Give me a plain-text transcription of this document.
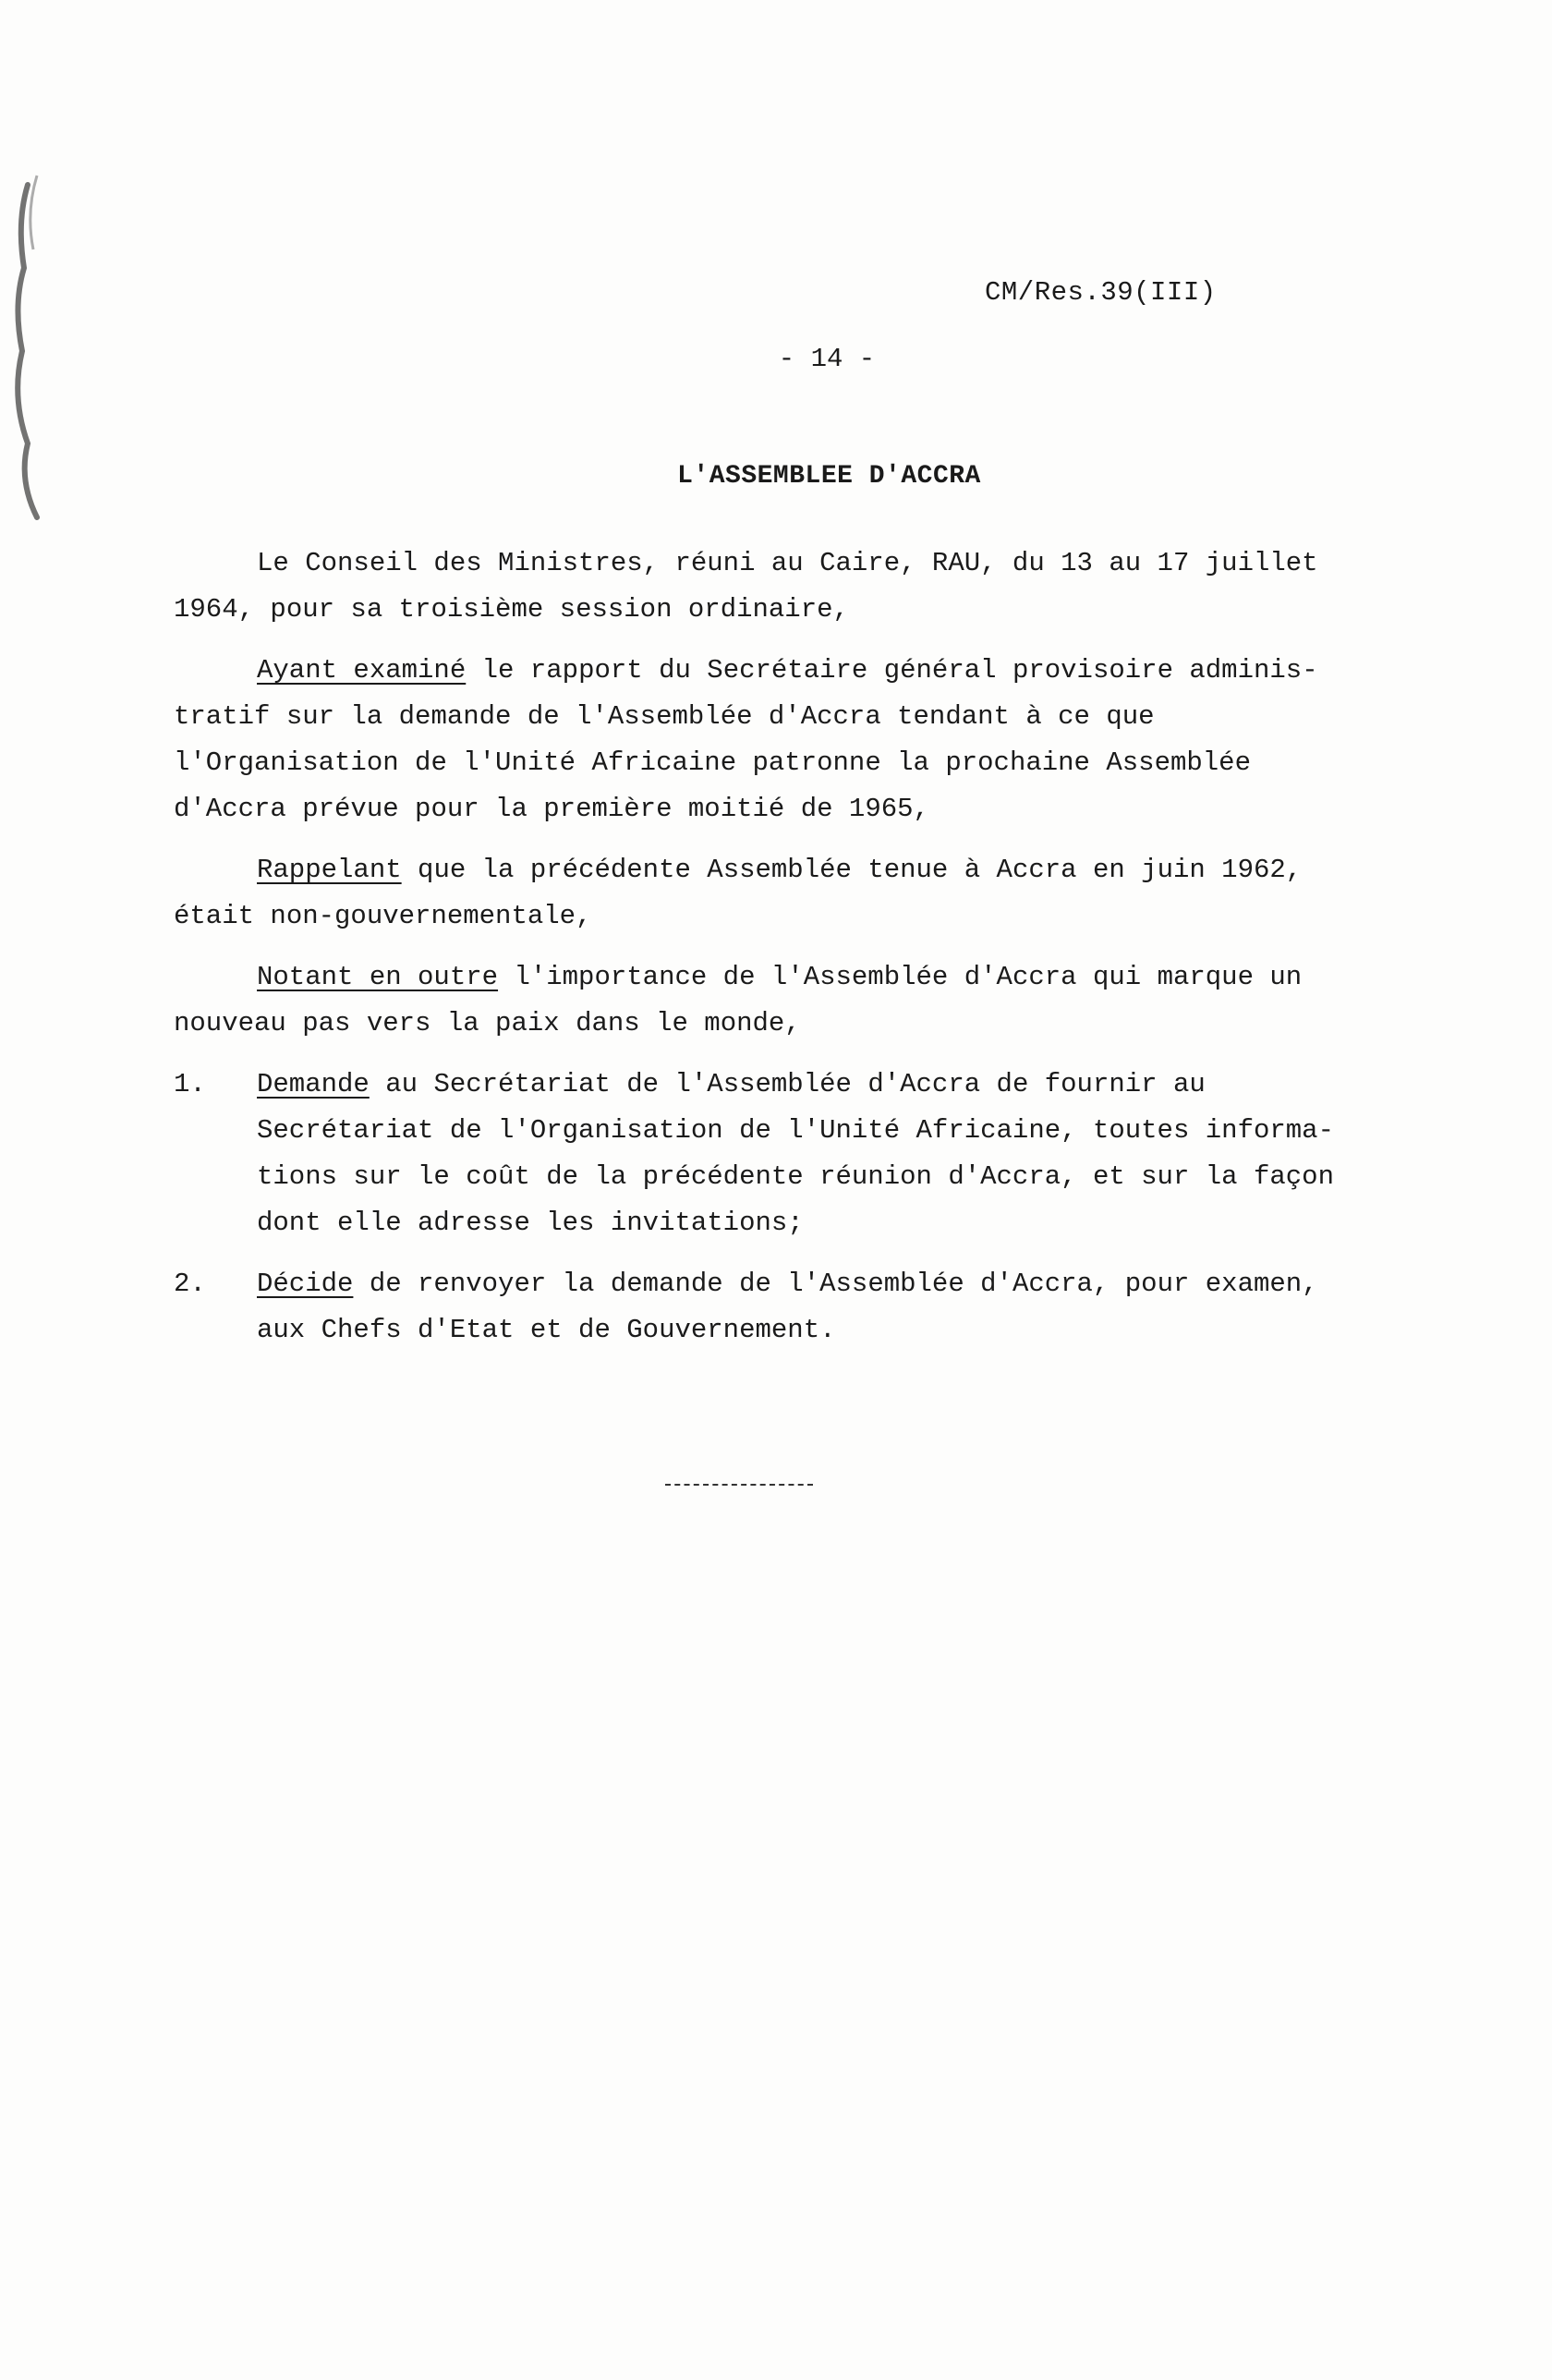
CM/Res.39(III)
- 14 -
L'ASSEMBLEE D'ACCRA

Le Conseil des Ministres, réuni au Caire, RAU, du 13 au 17 juillet
1964, pour sa troisième session ordinaire,

Ayant examiné le rapport du Secrétaire général provisoire adminis-
tratif sur la demande de l'Assemblée d'Accra tendant à ce que
l'Organisation de l'Unité Africaine patronne la prochaine Assemblée
d'Accra prévue pour la première moitié de 1965,

Rappelant que la précédente Assemblée tenue à Accra en juin 1962,
était non-gouvernementale,

Notant en outre l'importance de l'Assemblée d'Accra qui marque un
nouveau pas vers la paix dans le monde,

1.	Demande au Secrétariat de l'Assemblée d'Accra de fournir au
Secrétariat de l'Organisation de l'Unité Africaine, toutes informa-
tions sur le coût de la précédente réunion d'Accra, et sur la façon
dont elle adresse les invitations;
2.	Décide de renvoyer la demande de l'Assemblée d'Accra, pour examen,
aux Chefs d'Etat et de Gouvernement.
